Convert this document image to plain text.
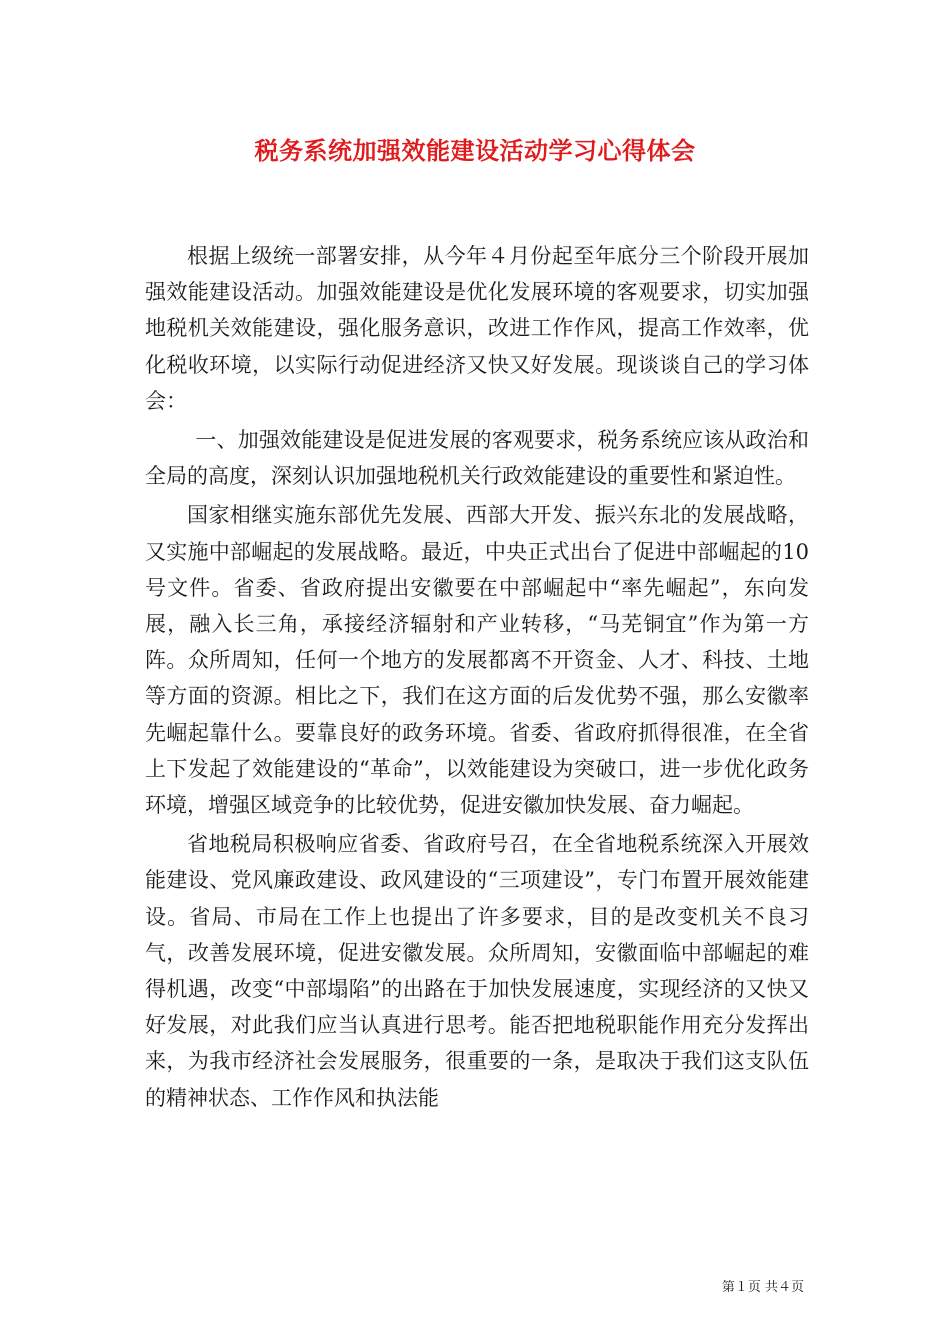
税务系统加强效能建设活动学习心得体会

根据上级统一部署安排，从今年４月份起至年底分三个阶段开展加强效能建设活动。加强效能建设是优化发展环境的客观要求，切实加强地税机关效能建设，强化服务意识，改进工作作风，提高工作效率，优化税收环境，以实际行动促进经济又快又好发展。现谈谈自己的学习体会：

一、加强效能建设是促进发展的客观要求，税务系统应该从政治和全局的高度，深刻认识加强地税机关行政效能建设的重要性和紧迫性。

国家相继实施东部优先发展、西部大开发、振兴东北的发展战略，又实施中部崛起的发展战略。最近，中央正式出台了促进中部崛起的10号文件。省委、省政府提出安徽要在中部崛起中“率先崛起”，东向发展，融入长三角，承接经济辐射和产业转移，“马芜铜宜”作为第一方阵。众所周知，任何一个地方的发展都离不开资金、人才、科技、土地等方面的资源。相比之下，我们在这方面的后发优势不强，那么安徽率先崛起靠什么。要靠良好的政务环境。省委、省政府抓得很准，在全省上下发起了效能建设的“革命”，以效能建设为突破口，进一步优化政务环境，增强区域竞争的比较优势，促进安徽加快发展、奋力崛起。

省地税局积极响应省委、省政府号召，在全省地税系统深入开展效能建设、党风廉政建设、政风建设的“三项建设”，专门布置开展效能建设。省局、市局在工作上也提出了许多要求，目的是改变机关不良习气，改善发展环境，促进安徽发展。众所周知，安徽面临中部崛起的难得机遇，改变“中部塌陷”的出路在于加快发展速度，实现经济的又快又好发展，对此我们应当认真进行思考。能否把地税职能作用充分发挥出来，为我市经济社会发展服务，很重要的一条，是取决于我们这支队伍的精神状态、工作作风和执法能

第１页 共４页
